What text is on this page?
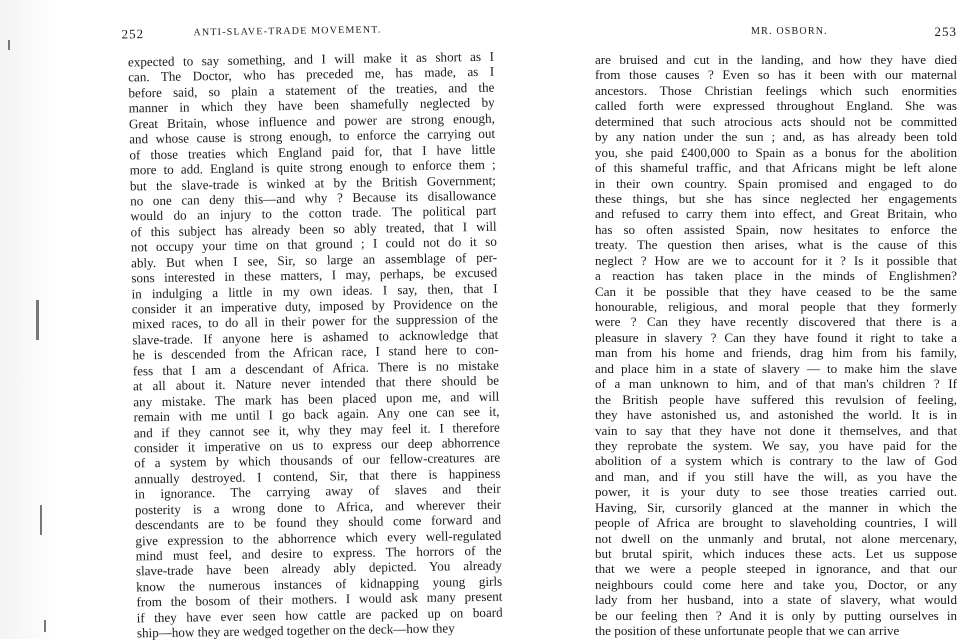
252	ANTI-SLAVE-TRADE MOVEMENT.
expected to say something, and I will make it as short as I
can. The Doctor, who has preceded me, has made, as I
before said, so plain a statement of the treaties, and the
manner in which they have been shamefully neglected by
Great Britain, whose influence and power are strong enough,
and whose cause is strong enough, to enforce the carrying out
of those treaties which England paid for, that I have little
more to add. England is quite strong enough to enforce them ;
but the slave-trade is winked at by the British Government;
no one can deny this—and why ? Because its disallowance
would do an injury to the cotton trade. The political part
of this subject has already been so ably treated, that I will
not occupy your time on that ground ; I could not do it so
ably. But when I see, Sir, so large an assemblage of per-
sons interested in these matters, I may, perhaps, be excused
in indulging a little in my own ideas. I say, then, that I
consider it an imperative duty, imposed by Providence on the
mixed races, to do all in their power for the suppression of the
slave-trade. If anyone here is ashamed to acknowledge that
he is descended from the African race, I stand here to con-
fess that I am a descendant of Africa. There is no mistake
at all about it. Nature never intended that there should be
any mistake. The mark has been placed upon me, and will
remain with me until I go back again. Any one can see it,
and if they cannot see it, why they may feel it. I therefore
consider it imperative on us to express our deep abhorrence
of a system by which thousands of our fellow-creatures are
annually destroyed. I contend, Sir, that there is happiness
in ignorance. The carrying away of slaves and their
posterity is a wrong done to Africa, and wherever their
descendants are to be found they should come forward and
give expression to the abhorrence which every well-regulated
mind must feel, and desire to express. The horrors of the
slave-trade have been already ably depicted. You already
know the numerous instances of kidnapping young girls
from the bosom of their mothers. I would ask many present
if they have ever seen how cattle are packed up on board
ship—how they are wedged together on the deck—how they
MR. OSBORN.	253
are bruised and cut in the landing, and how they have died
from those causes ? Even so has it been with our maternal
ancestors. Those Christian feelings which such enormities
called forth were expressed throughout England. She was
determined that such atrocious acts should not be committed
by any nation under the sun ; and, as has already been told
you, she paid £400,000 to Spain as a bonus for the abolition
of this shameful traffic, and that Africans might be left alone
in their own country. Spain promised and engaged to do
these things, but she has since neglected her engagements
and refused to carry them into effect, and Great Britain, who
has so often assisted Spain, now hesitates to enforce the
treaty. The question then arises, what is the cause of this
neglect ? How are we to account for it ? Is it possible that
a reaction has taken place in the minds of Englishmen?
Can it be possible that they have ceased to be the same
honourable, religious, and moral people that they formerly
were ? Can they have recently discovered that there is a
pleasure in slavery ? Can they have found it right to take a
man from his home and friends, drag him from his family,
and place him in a state of slavery — to make him the slave
of a man unknown to him, and of that man's children ? If
the British people have suffered this revulsion of feeling,
they have astonished us, and astonished the world. It is in
vain to say that they have not done it themselves, and that
they reprobate the system. We say, you have paid for the
abolition of a system which is contrary to the law of God
and man, and if you still have the will, as you have the
power, it is your duty to see those treaties carried out.
Having, Sir, cursorily glanced at the manner in which the
people of Africa are brought to slaveholding countries, I will
not dwell on the unmanly and brutal, not alone mercenary,
but brutal spirit, which induces these acts. Let us suppose
that we were a people steeped in ignorance, and that our
neighbours could come here and take you, Doctor, or any
lady from her husband, into a state of slavery, what would
be our feeling then ? And it is only by putting ourselves in
the position of these unfortunate people that we can arrive
